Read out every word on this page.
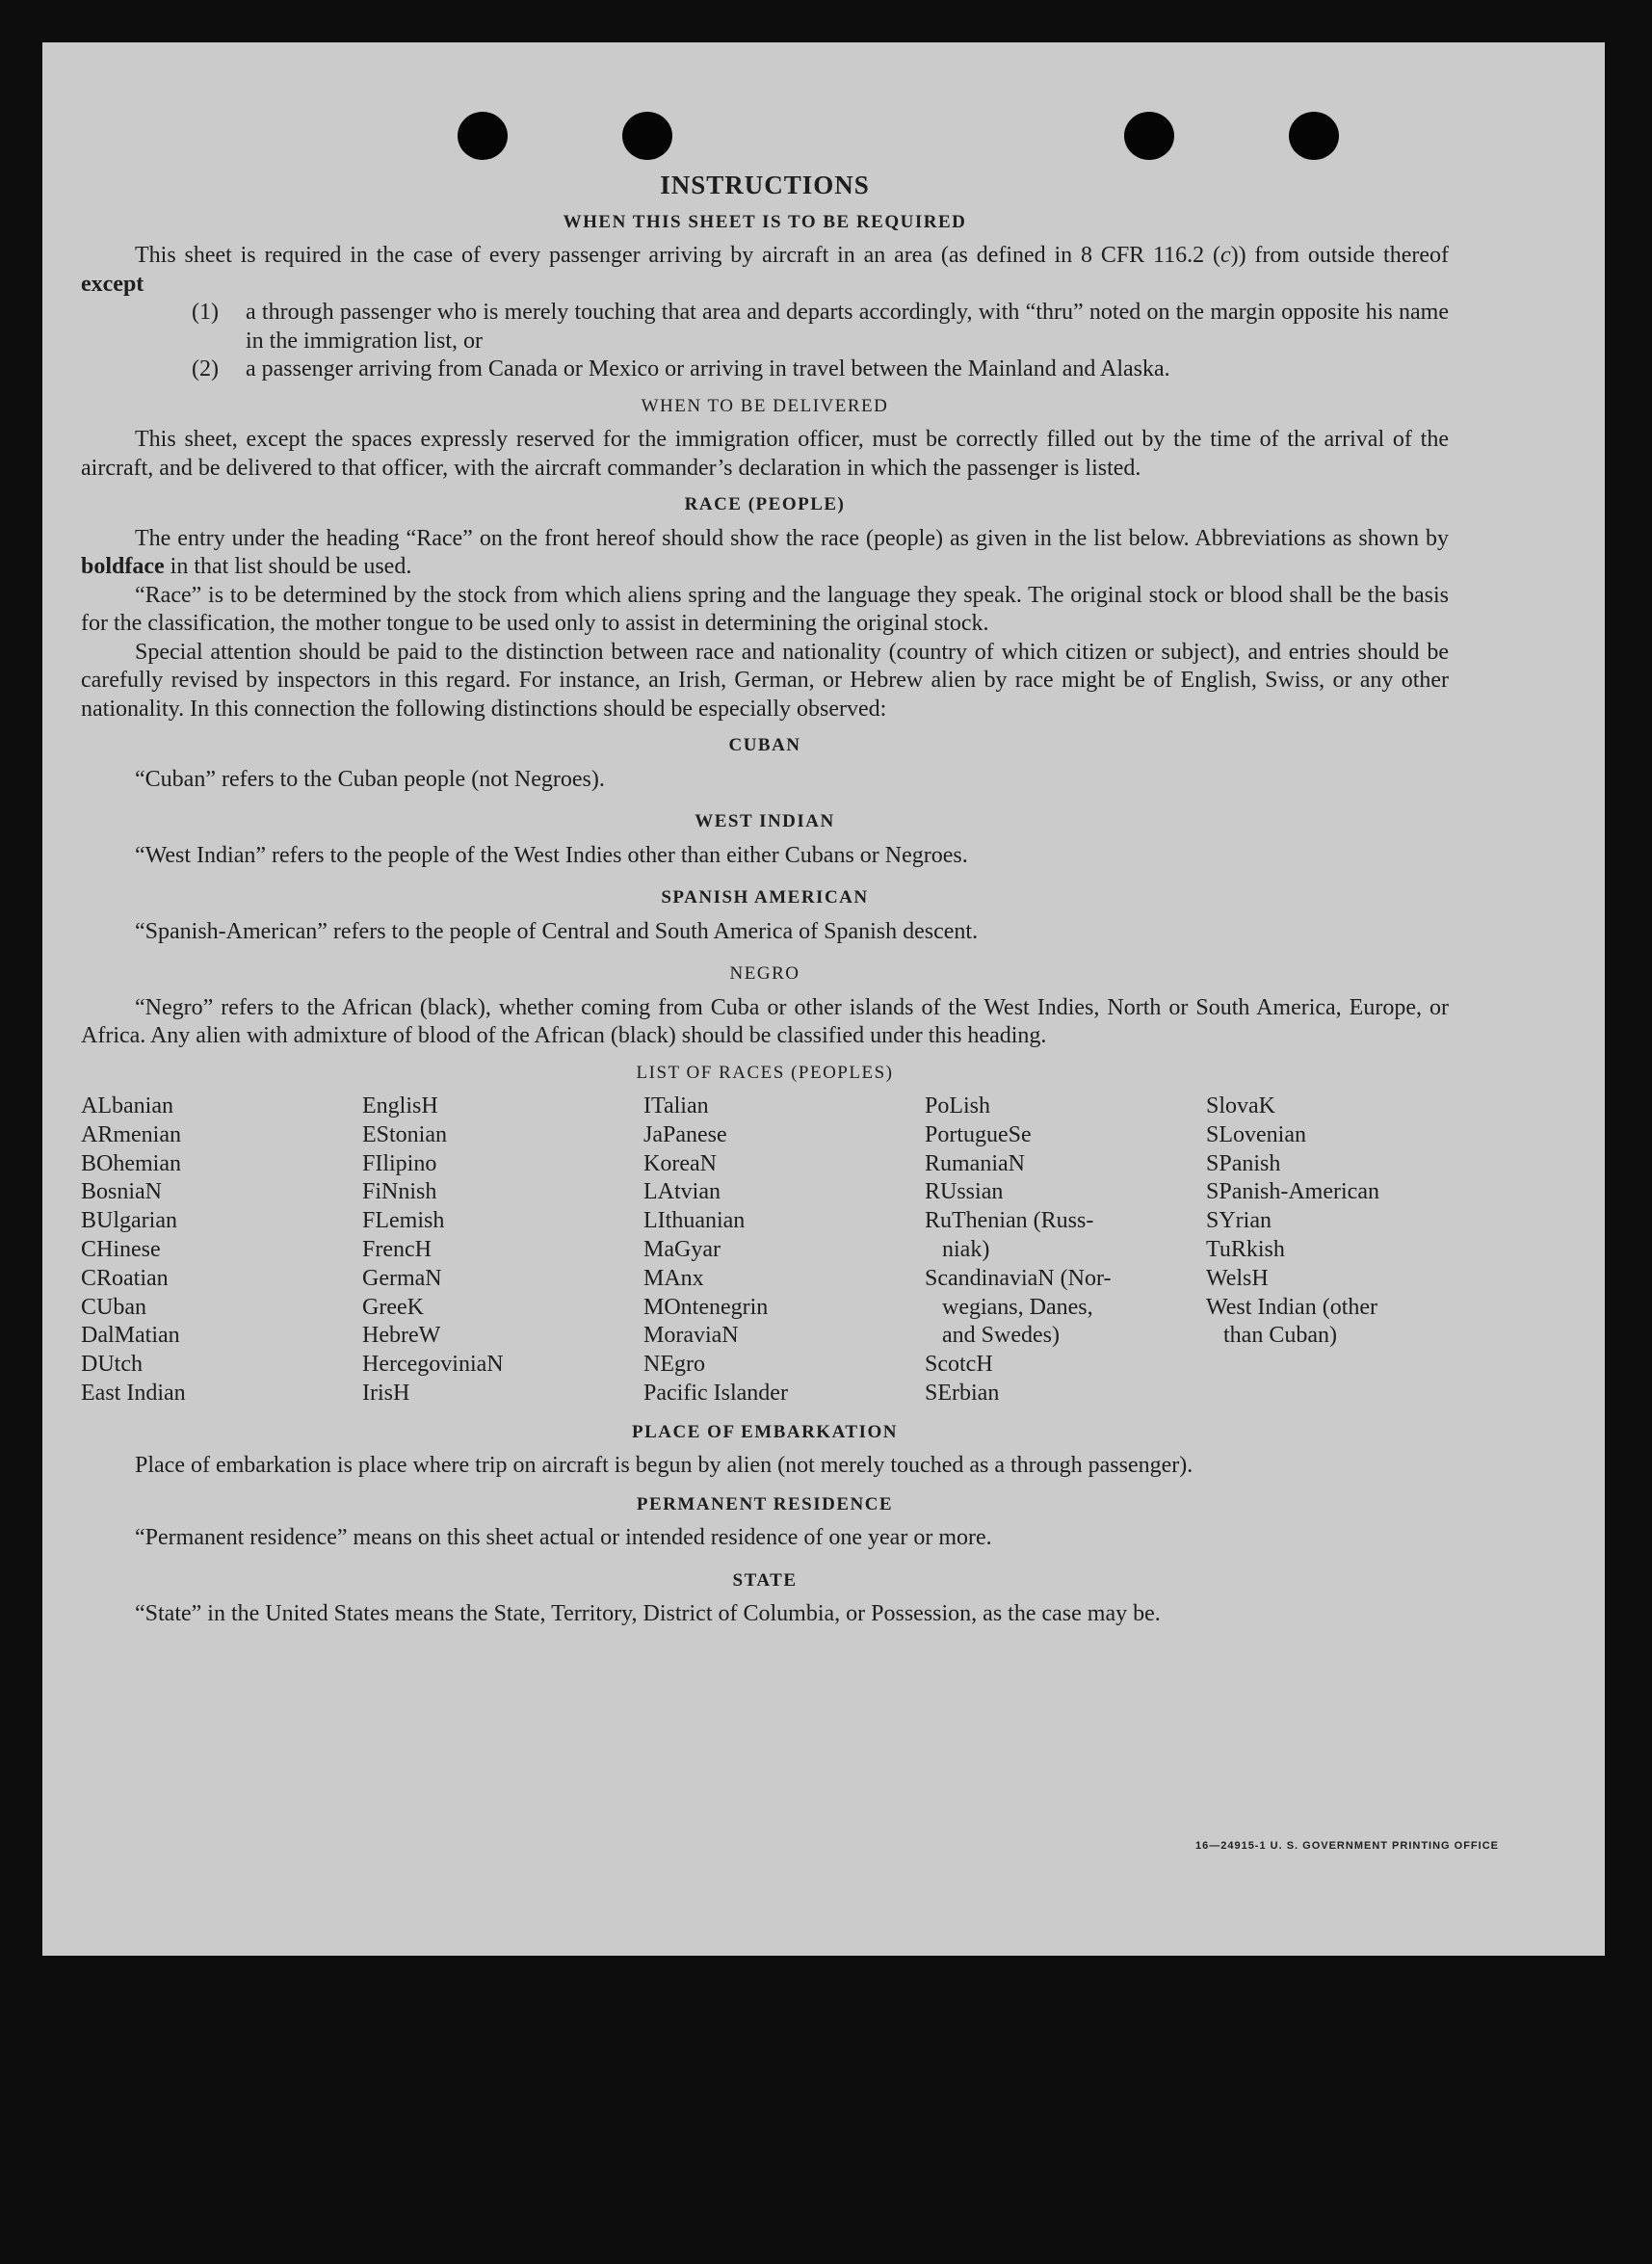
16—24915-1 U. S. GOVERNMENT PRINTING OFFICE
INSTRUCTIONS
WHEN THIS SHEET IS TO BE REQUIRED

This sheet is required in the case of every passenger arriving by aircraft in an area (as defined in 8 CFR 116.2 (c)) from outside thereof except

(1)	a through passenger who is merely touching that area and departs accordingly, with “thru” noted on the margin opposite his name in the immigration list, or
(2)	a passenger arriving from Canada or Mexico or arriving in travel between the Mainland and Alaska.
WHEN TO BE DELIVERED

This sheet, except the spaces expressly reserved for the immigration officer, must be correctly filled out by the time of the arrival of the aircraft, and be delivered to that officer, with the aircraft commander’s declaration in which the passenger is listed.

RACE (PEOPLE)

The entry under the heading “Race” on the front hereof should show the race (people) as given in the list below. Abbreviations as shown by boldface in that list should be used.

“Race” is to be determined by the stock from which aliens spring and the language they speak. The original stock or blood shall be the basis for the classification, the mother tongue to be used only to assist in determining the original stock.

Special attention should be paid to the distinction between race and nationality (country of which citizen or subject), and entries should be carefully revised by inspectors in this regard. For instance, an Irish, German, or Hebrew alien by race might be of English, Swiss, or any other nationality. In this connection the following distinctions should be especially observed:

CUBAN

“Cuban” refers to the Cuban people (not Negroes).

WEST INDIAN

“West Indian” refers to the people of the West Indies other than either Cubans or Negroes.

SPANISH AMERICAN

“Spanish-American” refers to the people of Central and South America of Spanish descent.

NEGRO

“Negro” refers to the African (black), whether coming from Cuba or other islands of the West Indies, North or South America, Europe, or Africa. Any alien with admixture of blood of the African (black) should be classified under this heading.

LIST OF RACES (PEOPLES)
ALbanian
ARmenian
BOhemian
BosniaN
BUlgarian
CHinese
CRoatian
CUban
DalMatian
DUtch
East Indian
EnglisH
EStonian
FIlipino
FiNnish
FLemish
FrencH
GermaN
GreeK
HebreW
HercegoviniaN
IrisH
ITalian
JaPanese
KoreaN
LAtvian
LIthuanian
MaGyar
MAnx
MOntenegrin
MoraviaN
NEgro
Pacific Islander
PoLish
PortugueSe
RumaniaN
RUssian
RuThenian (Russ-
niak)
ScandinaviaN (Nor-
wegians, Danes,
and Swedes)
ScotcH
SErbian
SlovaK
SLovenian
SPanish
SPanish-American
SYrian
TuRkish
WelsH
West Indian (other
than Cuban)
PLACE OF EMBARKATION

Place of embarkation is place where trip on aircraft is begun by alien (not merely touched as a through passenger).

PERMANENT RESIDENCE

“Permanent residence” means on this sheet actual or intended residence of one year or more.

STATE

“State” in the United States means the State, Territory, District of Columbia, or Possession, as the case may be.
